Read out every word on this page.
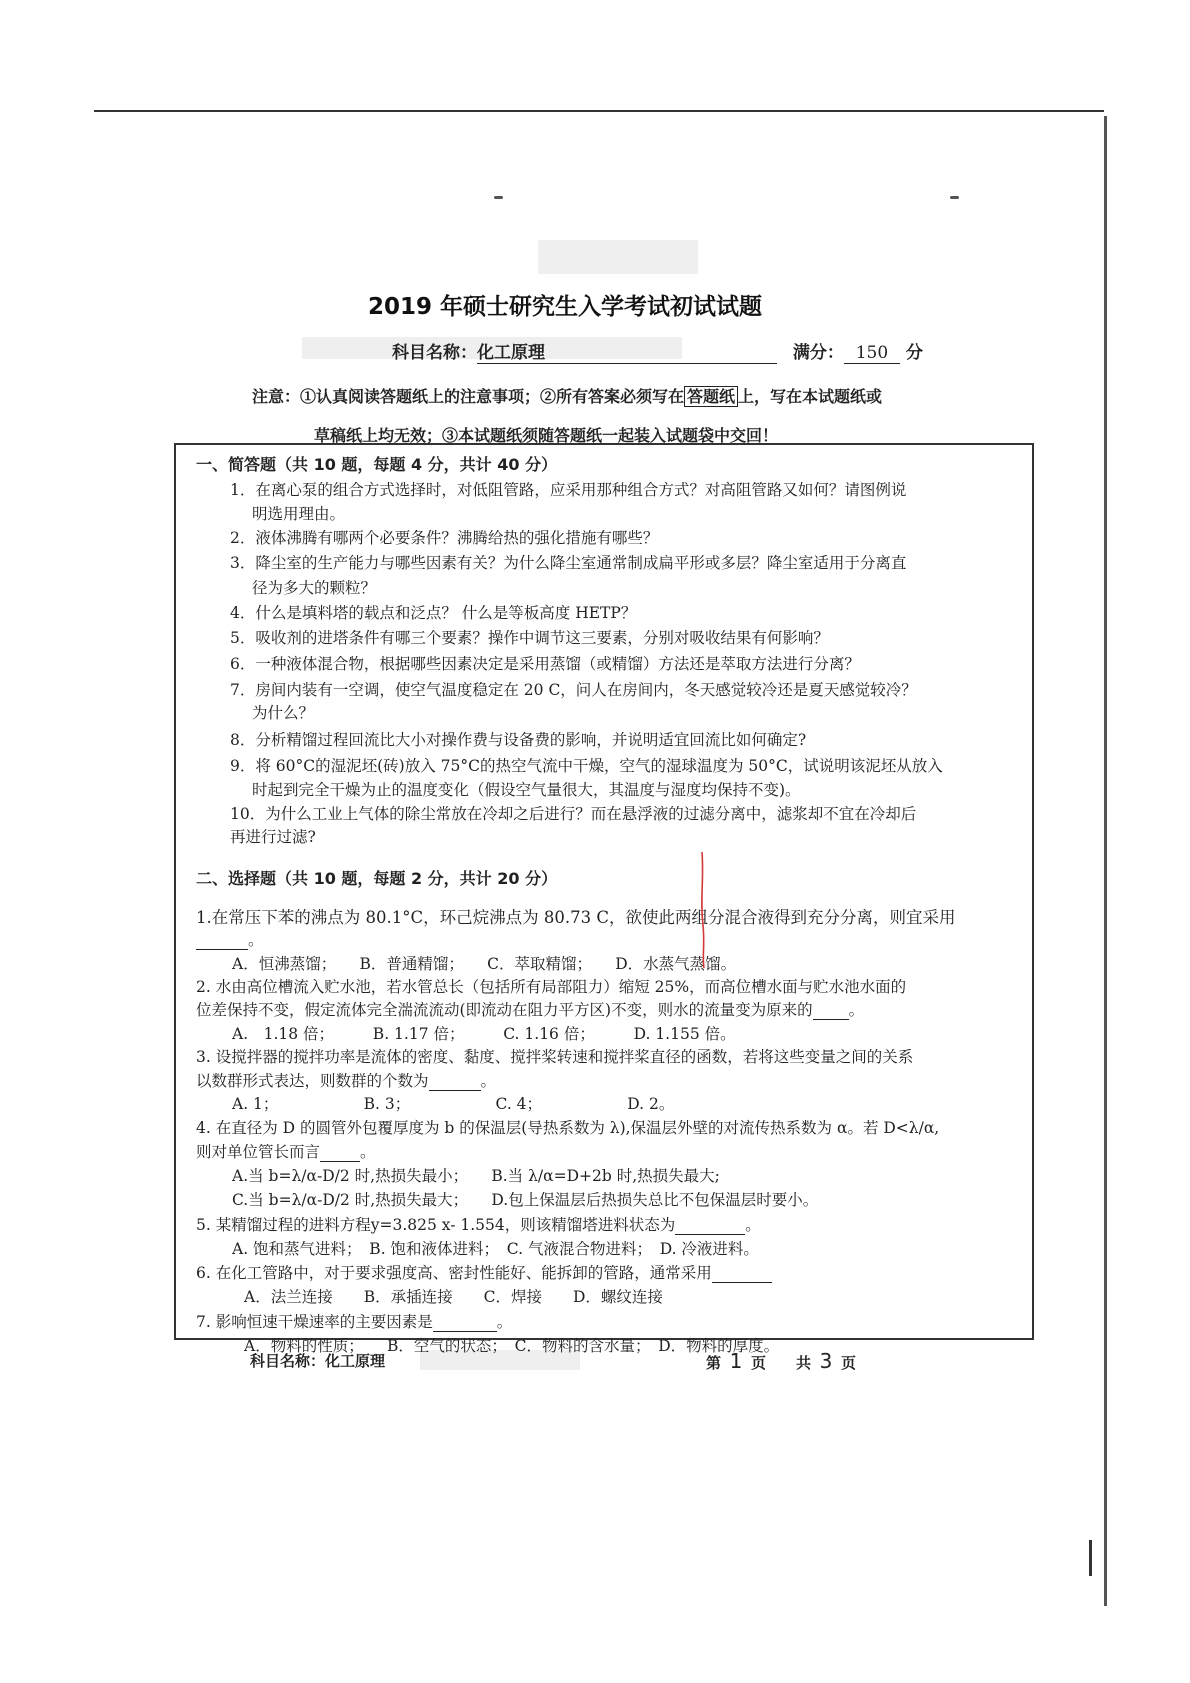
2019 年硕士研究生入学考试初试试题
科目名称：化工原理	满分： 150 分
注意：①认真阅读答题纸上的注意事项；②所有答案必须写在 答题纸 上，写在本试题纸或
草稿纸上均无效；③本试题纸须随答题纸一起装入试题袋中交回！
一、简答题（共 10 题，每题 4 分，共计 40 分）
1．在离心泵的组合方式选择时，对低阻管路，应采用那种组合方式？对高阻管路又如何？请图例说
明选用理由。
2．液体沸腾有哪两个必要条件？沸腾给热的强化措施有哪些？
3．降尘室的生产能力与哪些因素有关？为什么降尘室通常制成扁平形或多层？降尘室适用于分离直
径为多大的颗粒？
4．什么是填料塔的载点和泛点？ 什么是等板高度 HETP？
5．吸收剂的进塔条件有哪三个要素？操作中调节这三要素，分别对吸收结果有何影响？
6．一种液体混合物，根据哪些因素决定是采用蒸馏（或精馏）方法还是萃取方法进行分离？
7．房间内装有一空调，使空气温度稳定在 20 C，问人在房间内，冬天感觉较冷还是夏天感觉较冷？
为什么？
8．分析精馏过程回流比大小对操作费与设备费的影响，并说明适宜回流比如何确定?
9．将 60°C的湿泥坯(砖)放入 75°C的热空气流中干燥，空气的湿球温度为 50°C，试说明该泥坯从放入
时起到完全干燥为止的温度变化（假设空气量很大，其温度与湿度均保持不变)。
10．为什么工业上气体的除尘常放在冷却之后进行？而在悬浮液的过滤分离中，滤浆却不宜在冷却后
再进行过滤?
二、选择题（共 10 题，每题 2 分，共计 20 分）
1.在常压下苯的沸点为 80.1°C，环己烷沸点为 80.73 C，欲使此两组分混合液得到充分分离，则宜采用
。
A．恒沸蒸馏；　　B．普通精馏；　　C．萃取精馏；　　D．水蒸气蒸馏。
2. 水由高位槽流入贮水池，若水管总长（包括所有局部阻力）缩短 25%，而高位槽水面与贮水池水面的
位差保持不变，假定流体完全湍流流动(即流动在阻力平方区)不变，则水的流量变为原来的 。
A.　1.18 倍；　　　B. 1.17 倍；　　　C. 1.16 倍；　　　D. 1.155 倍。
3. 设搅拌器的搅拌功率是流体的密度、黏度、搅拌桨转速和搅拌桨直径的函数，若将这些变量之间的关系
以数群形式表达，则数群的个数为	。
A. 1；　　　　　　B. 3；　　　　　　C. 4；　　　　　　D. 2。
4. 在直径为 D 的圆管外包覆厚度为 b 的保温层(导热系数为 λ),保温层外壁的对流传热系数为 α。若 D<λ/α,
则对单位管长而言	。
A.当 b=λ/α-D/2 时,热损失最小；　　B.当 λ/α=D+2b 时,热损失最大;
C.当 b=λ/α-D/2 时,热损失最大；　　D.包上保温层后热损失总比不包保温层时要小。
5. 某精馏过程的进料方程y=3.825 x- 1.554，则该精馏塔进料状态为	。
A. 饱和蒸气进料；　B. 饱和液体进料；　C. 气液混合物进料；　D. 冷液进料。
6. 在化工管路中，对于要求强度高、密封性能好、能拆卸的管路，通常采用
A．法兰连接　　B．承插连接　　C．焊接　　D．螺纹连接
7. 影响恒速干燥速率的主要因素是	。
A．物料的性质；　　B．空气的状态；　C．物料的含水量；　D．物料的厚度。
科目名称：化工原理	第 1 页　　共 3 页
